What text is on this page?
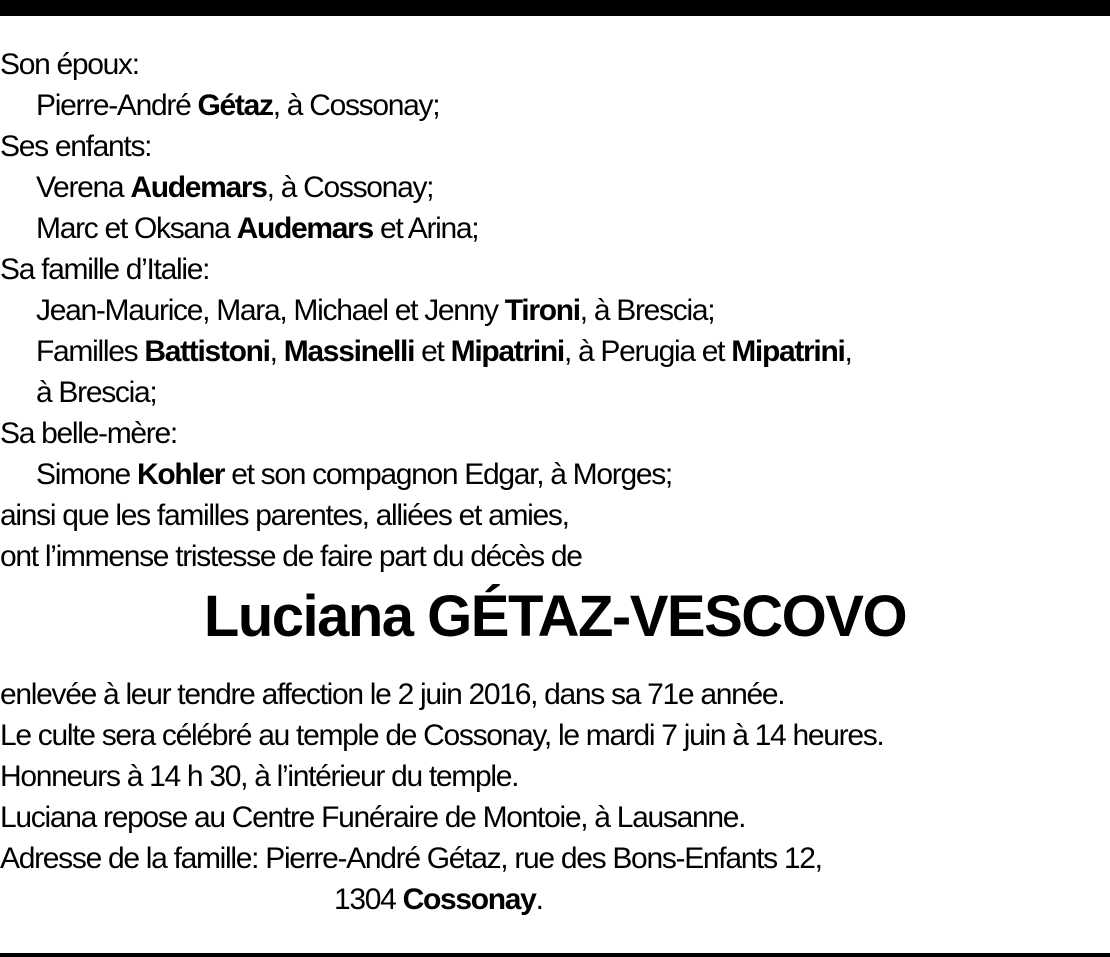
Son époux:
Pierre-André Gétaz, à Cossonay;
Ses enfants:
Verena Audemars, à Cossonay;
Marc et Oksana Audemars et Arina;
Sa famille d’Italie:
Jean-Maurice, Mara, Michael et Jenny Tironi, à Brescia;
Familles Battistoni, Massinelli et Mipatrini, à Perugia et Mipatrini,
à Brescia;
Sa belle-mère:
Simone Kohler et son compagnon Edgar, à Morges;
ainsi que les familles parentes, alliées et amies,
ont l’immense tristesse de faire part du décès de
Luciana GÉTAZ-VESCOVO
enlevée à leur tendre affection le 2 juin 2016, dans sa 71e année.
Le culte sera célébré au temple de Cossonay, le mardi 7 juin à 14 heures.
Honneurs à 14 h 30, à l’intérieur du temple.
Luciana repose au Centre Funéraire de Montoie, à Lausanne.
Adresse de la famille: Pierre-André Gétaz, rue des Bons-Enfants 12,
1304 Cossonay.
